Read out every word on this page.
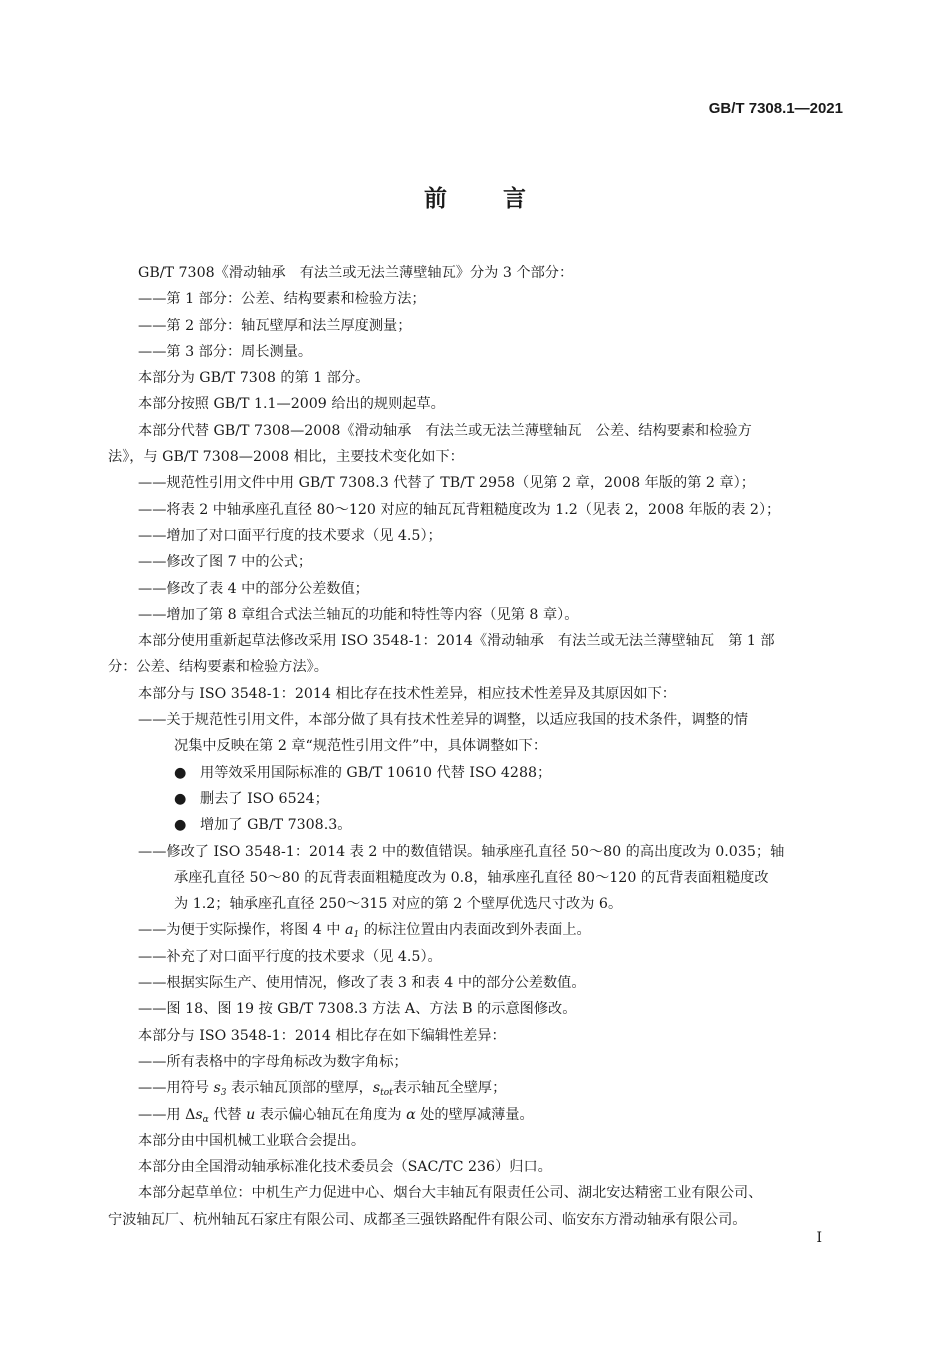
GB/T 7308.1—2021
前言
GB/T 7308《滑动轴承　有法兰或无法兰薄壁轴瓦》分为 3 个部分：
——第 1 部分：公差、结构要素和检验方法；
——第 2 部分：轴瓦壁厚和法兰厚度测量；
——第 3 部分：周长测量。
本部分为 GB/T 7308 的第 1 部分。
本部分按照 GB/T 1.1—2009 给出的规则起草。
本部分代替 GB/T 7308—2008《滑动轴承　有法兰或无法兰薄壁轴瓦　公差、结构要素和检验方
法》，与 GB/T 7308—2008 相比，主要技术变化如下：
——规范性引用文件中用 GB/T 7308.3 代替了 TB/T 2958（见第 2 章，2008 年版的第 2 章）；
——将表 2 中轴承座孔直径 80～120 对应的轴瓦瓦背粗糙度改为 1.2（见表 2，2008 年版的表 2）；
——增加了对口面平行度的技术要求（见 4.5）；
——修改了图 7 中的公式；
——修改了表 4 中的部分公差数值；
——增加了第 8 章组合式法兰轴瓦的功能和特性等内容（见第 8 章）。
本部分使用重新起草法修改采用 ISO 3548-1：2014《滑动轴承　有法兰或无法兰薄壁轴瓦　第 1 部
分：公差、结构要素和检验方法》。
本部分与 ISO 3548-1：2014 相比存在技术性差异，相应技术性差异及其原因如下：
——关于规范性引用文件，本部分做了具有技术性差异的调整，以适应我国的技术条件，调整的情
况集中反映在第 2 章“规范性引用文件”中，具体调整如下：
● 用等效采用国际标准的 GB/T 10610 代替 ISO 4288；
● 删去了 ISO 6524；
● 增加了 GB/T 7308.3。
——修改了 ISO 3548-1：2014 表 2 中的数值错误。轴承座孔直径 50～80 的高出度改为 0.035；轴
承座孔直径 50～80 的瓦背表面粗糙度改为 0.8，轴承座孔直径 80～120 的瓦背表面粗糙度改
为 1.2；轴承座孔直径 250～315 对应的第 2 个壁厚优选尺寸改为 6。
——为便于实际操作，将图 4 中 $a_1$ 的标注位置由内表面改到外表面上。
——补充了对口面平行度的技术要求（见 4.5）。
——根据实际生产、使用情况，修改了表 3 和表 4 中的部分公差数值。
——图 18、图 19 按 GB/T 7308.3 方法 A、方法 B 的示意图修改。
本部分与 ISO 3548-1：2014 相比存在如下编辑性差异：
——所有表格中的字母角标改为数字角标；
——用符号 $s_3$ 表示轴瓦顶部的壁厚，$s_{tot}$表示轴瓦全壁厚；
——用 $\Delta s_\alpha$ 代替 u 表示偏心轴瓦在角度为 α 处的壁厚减薄量。
本部分由中国机械工业联合会提出。
本部分由全国滑动轴承标准化技术委员会（SAC/TC 236）归口。
本部分起草单位：中机生产力促进中心、烟台大丰轴瓦有限责任公司、湖北安达精密工业有限公司、
宁波轴瓦厂、杭州轴瓦石家庄有限公司、成都圣三强铁路配件有限公司、临安东方滑动轴承有限公司。
I
